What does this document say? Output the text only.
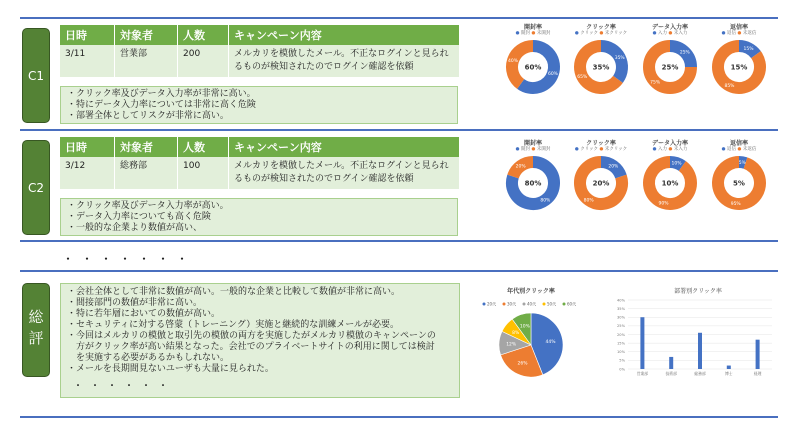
C1
日時	対象者	人数	キャンペーン内容
3/11	営業部	200	メルカリを模倣したメール。不正なログインと見られるものが検知されたのでログイン確認を依頼
・クリック率及びデータ入力率が非常に高い。
・特にデータ入力率については非常に高く危険
・部署全体としてリスクが非常に高い。
開封率
● 開封 ● 未開封
60%
40%
60%
クリック率
● クリック ● 未クリック
35%
65%
35%
データ入力率
● 入力 ● 未入力
25%
75%
25%
返信率
● 返信 ● 未返信
15%
85%
15%
C2
日時	対象者	人数	キャンペーン内容
3/12	総務部	100	メルカリを模倣したメール。不正なログインと見られるものが検知されたのでログイン確認を依頼
・クリック率及びデータ入力率が高い。
・データ入力率についても高く危険
・一般的な企業より数値が高い、
開封率
● 開封 ● 未開封
80%
20%
80%
クリック率
● クリック ● 未クリック
20%
80%
20%
データ入力率
● 入力 ● 未入力
10%
90%
10%
返信率
● 返信 ● 未返信
5%
95%
5%
・・・・・・・
総評
・会社全体として非常に数値が高い。一般的な企業と比較して数値が非常に高い。
・間接部門の数値が非常に高い。
・特に若年層においての数値が高い。
・セキュリティに対する啓蒙（トレーニング）実施と継続的な訓練メールが必要。
・今回はメルカリの模倣と取引先の模倣の両方を実施したがメルカリ模倣のキャンペーンの
　方がクリック率が高い結果となった。会社でのプライベートサイトの利用に関しては検討
　を実施する必要があるかもしれない。
・メールを長期間見ないユーザも大量に見られた。
・・・・・・
年代別クリック率
20代	30代	40代	50代	60代
44%
26%
12%
8%
10%
部署別クリック率
0%
5%
10%
15%
20%
25%
30%
35%
40%
営業部	技術部	総務部	博士	経理
